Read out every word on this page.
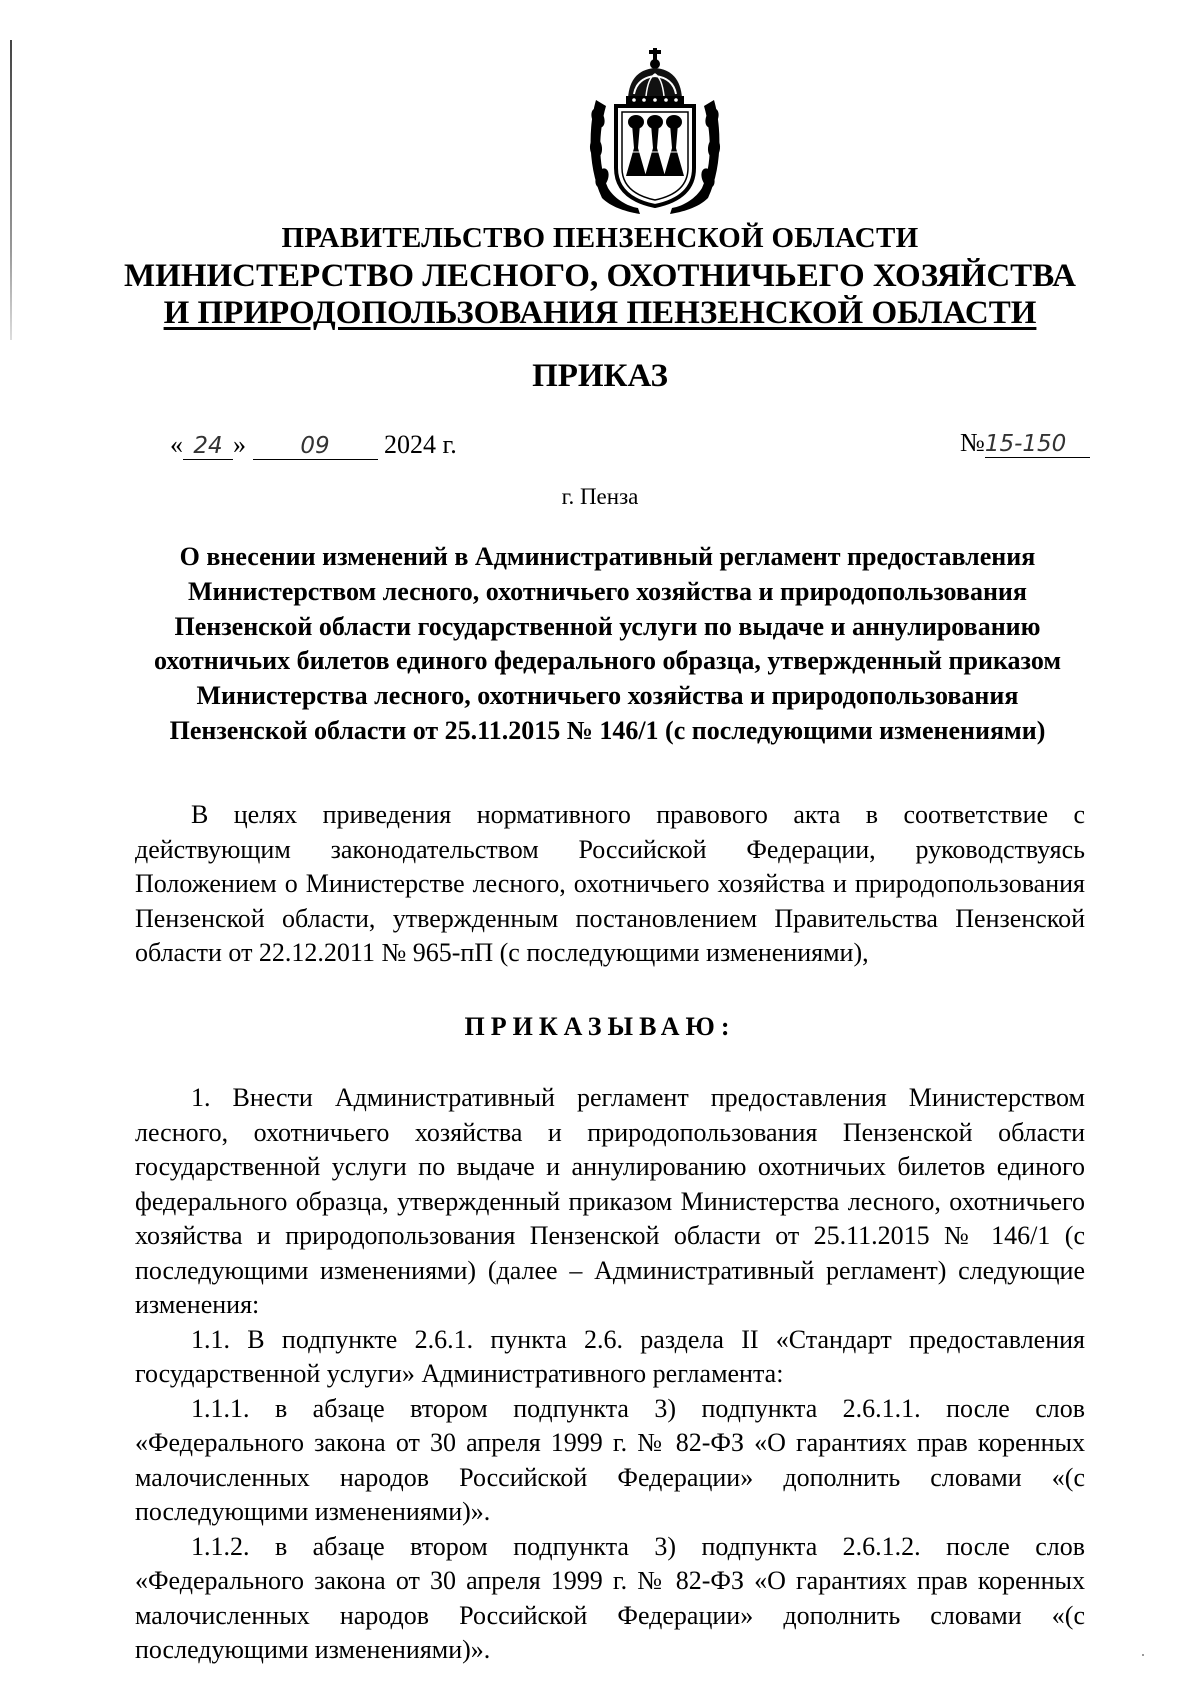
ПРАВИТЕЛЬСТВО ПЕНЗЕНСКОЙ ОБЛАСТИ
МИНИСТЕРСТВО ЛЕСНОГО, ОХОТНИЧЬЕГО ХОЗЯЙСТВА
И ПРИРОДОПОЛЬЗОВАНИЯ ПЕНЗЕНСКОЙ ОБЛАСТИ
ПРИКАЗ
« 24 » 09 2024 г.	№15-150
г. Пенза
О внесении изменений в Административный регламент предоставления Министерством лесного, охотничьего хозяйства и природопользования Пензенской области государственной услуги по выдаче и аннулированию охотничьих билетов единого федерального образца, утвержденный приказом Министерства лесного, охотничьего хозяйства и природопользования Пензенской области от 25.11.2015 № 146/1 (с последующими изменениями)

В целях приведения нормативного правового акта в соответствие с действующим законодательством Российской Федерации, руководствуясь Положением о Министерстве лесного, охотничьего хозяйства и природопользования Пензенской области, утвержденным постановлением Правительства Пензенской области от 22.12.2011 № 965-пП (с последующими изменениями),

ПРИКАЗЫВАЮ:

1. Внести Административный регламент предоставления Министерством лесного, охотничьего хозяйства и природопользования Пензенской области государственной услуги по выдаче и аннулированию охотничьих билетов единого федерального образца, утвержденный приказом Министерства лесного, охотничьего хозяйства и природопользования Пензенской области от 25.11.2015 № 146/1 (с последующими изменениями) (далее – Административный регламент) следующие изменения:

1.1. В подпункте 2.6.1. пункта 2.6. раздела II «Стандарт предоставления государственной услуги» Административного регламента:

1.1.1. в абзаце втором подпункта 3) подпункта 2.6.1.1. после слов «Федерального закона от 30 апреля 1999 г. № 82-ФЗ «О гарантиях прав коренных малочисленных народов Российской Федерации» дополнить словами «(с последующими изменениями)».

1.1.2. в абзаце втором подпункта 3) подпункта 2.6.1.2. после слов «Федерального закона от 30 апреля 1999 г. № 82-ФЗ «О гарантиях прав коренных малочисленных народов Российской Федерации» дополнить словами «(с последующими изменениями)».
